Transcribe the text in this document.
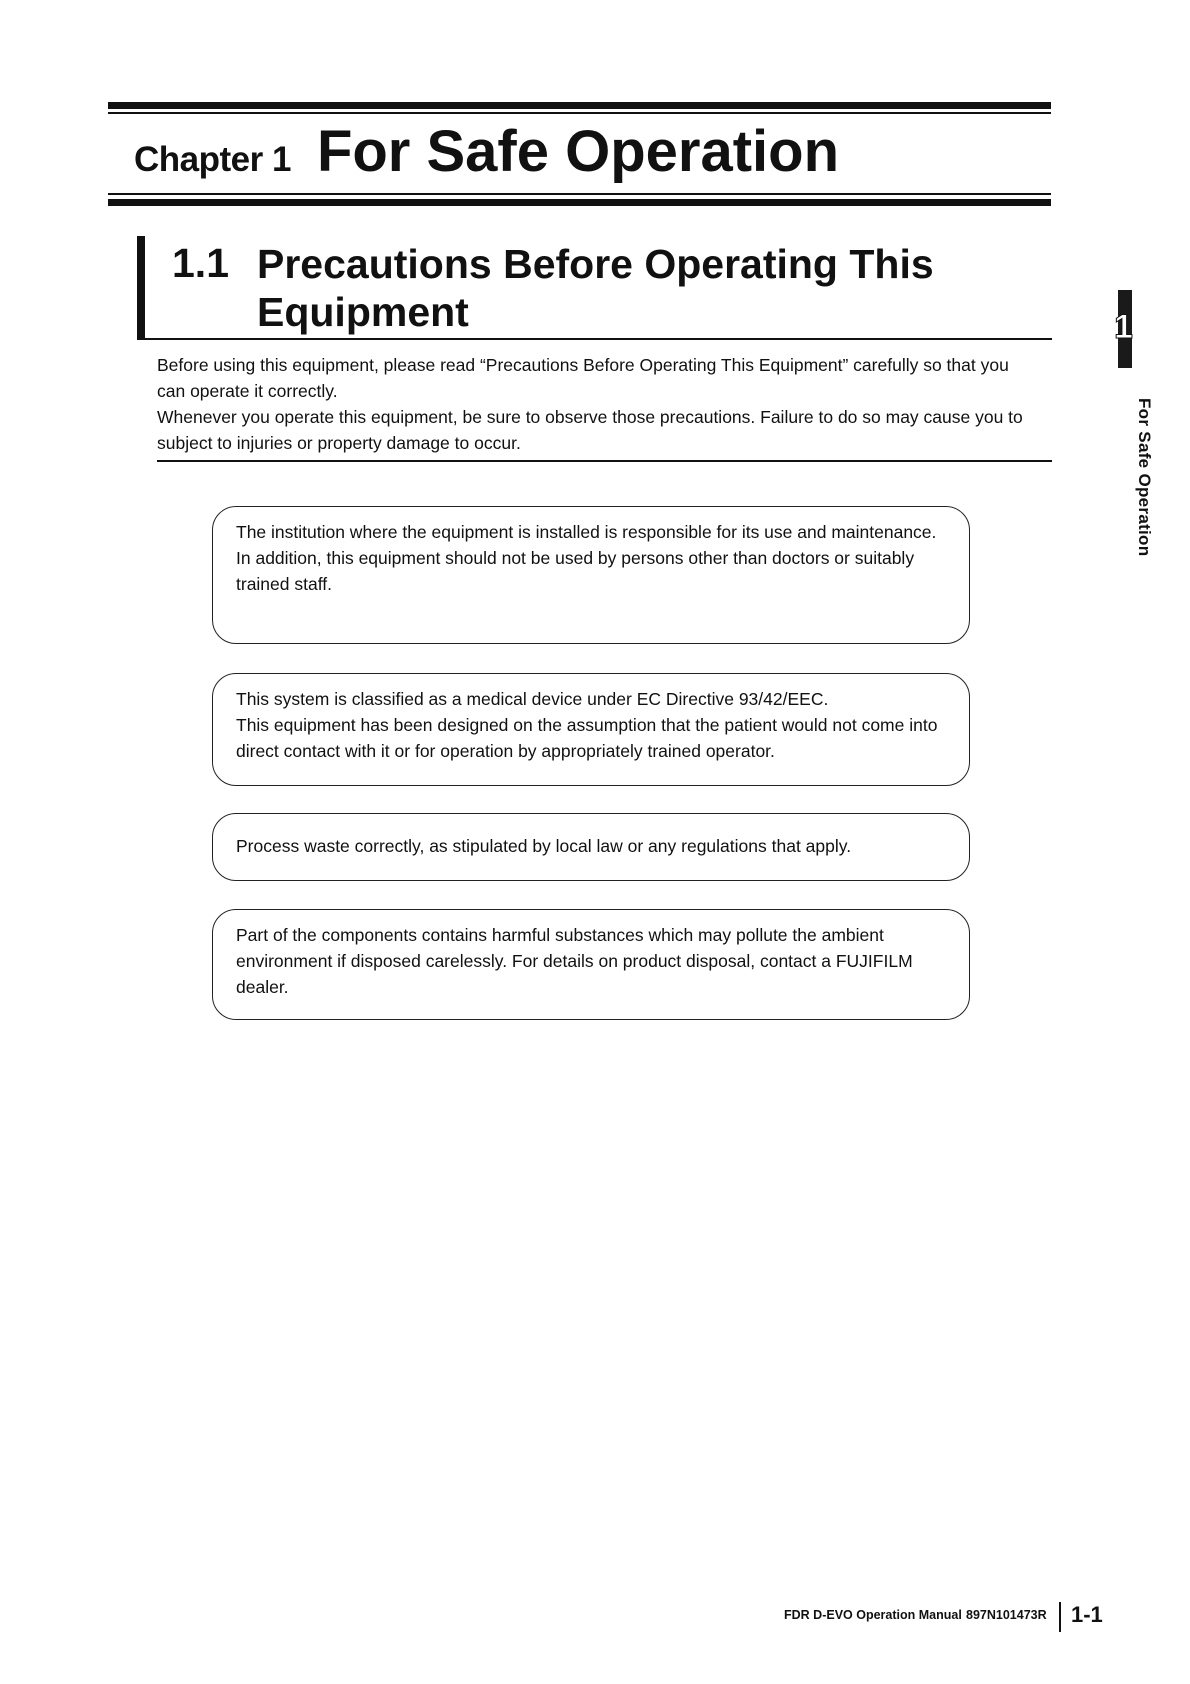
Chapter 1 For Safe Operation
1.1 Precautions Before Operating This Equipment

Before using this equipment, please read “Precautions Before Operating This Equipment” carefully so that you can operate it correctly.

Whenever you operate this equipment, be sure to observe those precautions. Failure to do so may cause you to subject to injuries or property damage to occur.

The institution where the equipment is installed is responsible for its use and maintenance.

In addition, this equipment should not be used by persons other than doctors or suitably trained staff.

This system is classified as a medical device under EC Directive 93/42/EEC.

This equipment has been designed on the assumption that the patient would not come into direct contact with it or for operation by appropriately trained operator.

Process waste correctly, as stipulated by local law or any regulations that apply.

Part of the components contains harmful substances which may pollute the ambient environment if disposed carelessly. For details on product disposal, contact a FUJIFILM dealer.

1
For Safe Operation
FDR D-EVO Operation Manual 897N101473R 1-1
